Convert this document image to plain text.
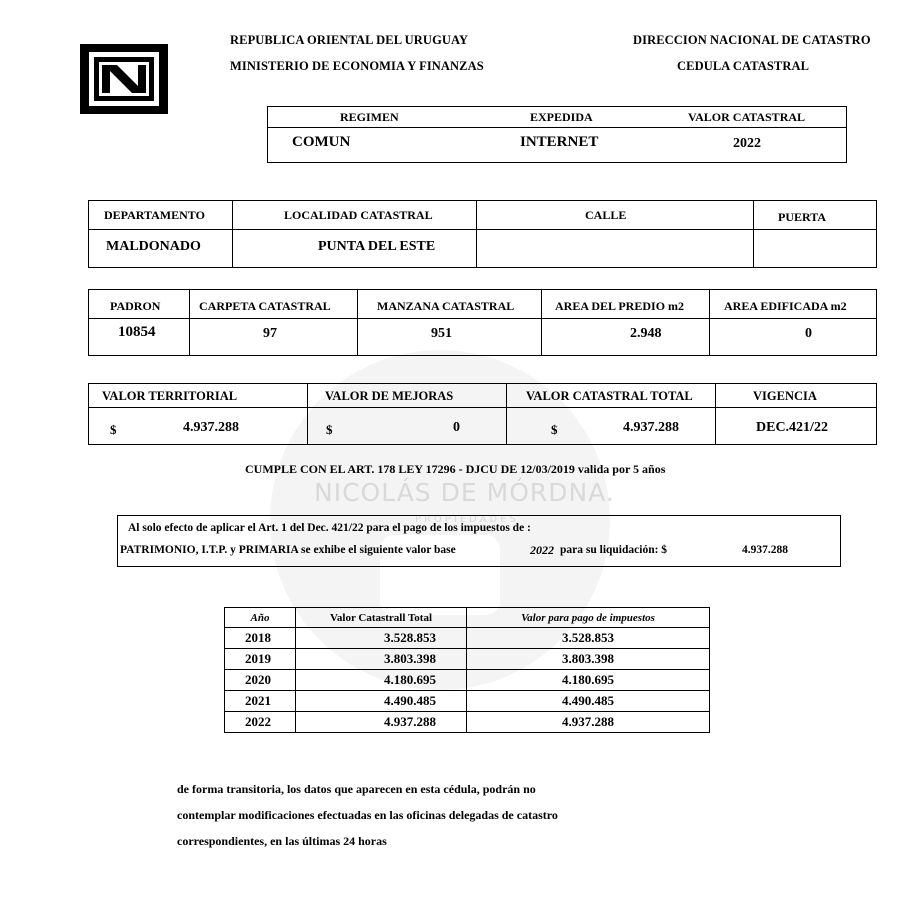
NICOLÁS DE MÓRDNA.
PROPIEDADES
REPUBLICA ORIENTAL DEL URUGUAY
MINISTERIO DE ECONOMIA Y FINANZAS
DIRECCION NACIONAL DE CATASTRO
CEDULA CATASTRAL
REGIMEN	EXPEDIDA	VALOR CATASTRAL
COMUN	INTERNET	2022
DEPARTAMENTO	LOCALIDAD CATASTRAL	CALLE	PUERTA
MALDONADO	PUNTA DEL ESTE
PADRON	CARPETA CATASTRAL	MANZANA CATASTRAL	AREA DEL PREDIO m2	AREA EDIFICADA m2
10854	97	951	2.948	0
VALOR TERRITORIAL	VALOR DE MEJORAS	VALOR CATASTRAL TOTAL	VIGENCIA
$	4.937.288	$	0	$	4.937.288	DEC.421/22
CUMPLE CON EL ART. 178 LEY 17296 - DJCU DE 12/03/2019 valida por 5 años
Al solo efecto de aplicar el Art. 1 del Dec. 421/22 para el pago de los impuestos de :
PATRIMONIO, I.T.P. y PRIMARIA se exhibe el siguiente valor base	2022 para su liquidación: $	4.937.288
Año	Valor Catastrall Total	Valor para pago de impuestos
2018	3.528.853	3.528.853
2019	3.803.398	3.803.398
2020	4.180.695	4.180.695
2021	4.490.485	4.490.485
2022	4.937.288	4.937.288
de forma transitoria, los datos que aparecen en esta cédula, podrán no
contemplar modificaciones efectuadas en las oficinas delegadas de catastro
correspondientes, en las últimas 24 horas
